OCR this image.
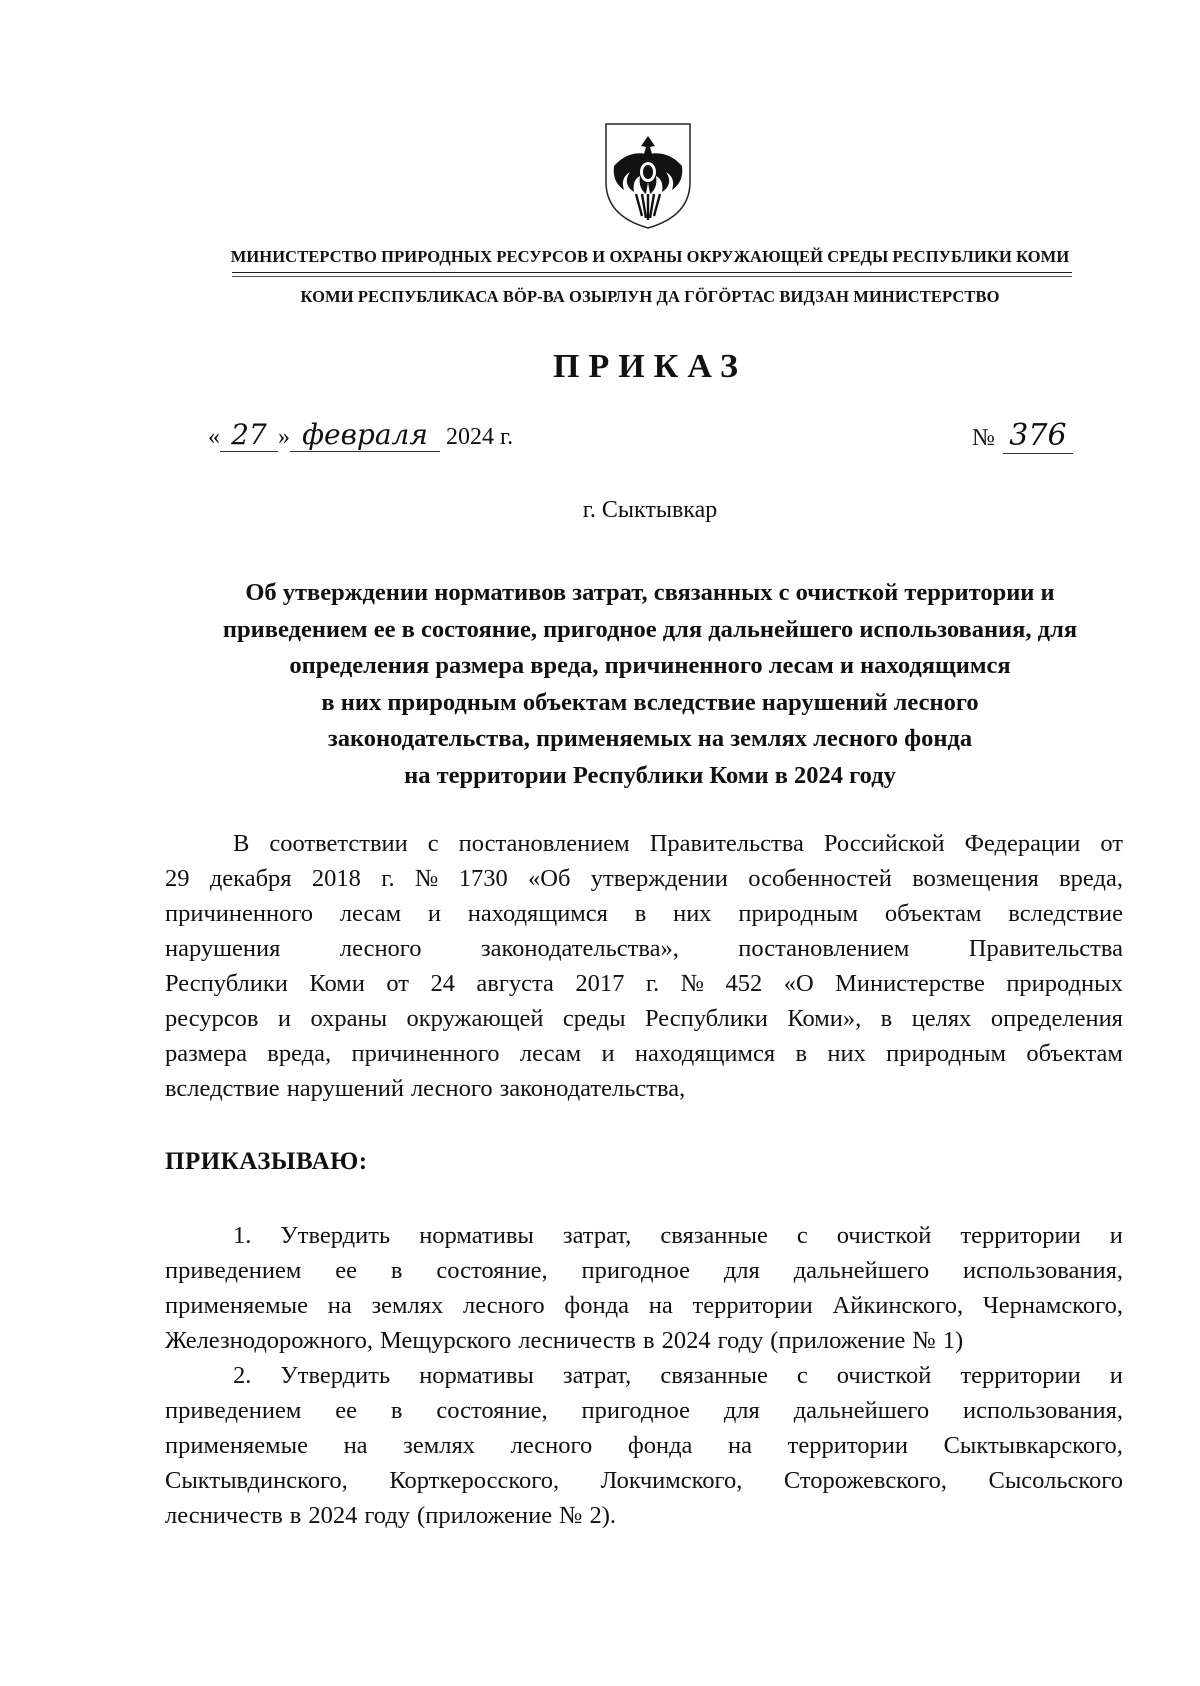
МИНИСТЕРСТВО ПРИРОДНЫХ РЕСУРСОВ И ОХРАНЫ ОКРУЖАЮЩЕЙ СРЕДЫ РЕСПУБЛИКИ КОМИ
КОМИ РЕСПУБЛИКАСА ВӦР-ВА ОЗЫРЛУН ДА ГӦГӦРТАС ВИДЗАН МИНИСТЕРСТВО
ПРИКАЗ
« 27 » февраля 2024 г.	№ 376
г. Сыктывкар
Об утверждении нормативов затрат, связанных с очисткой территории и
приведением ее в состояние, пригодное для дальнейшего использования, для
определения размера вреда, причиненного лесам и находящимся
в них природным объектам вследствие нарушений лесного
законодательства, применяемых на землях лесного фонда
на территории Республики Коми в 2024 году
В соответствии с постановлением Правительства Российской Федерации от
29 декабря 2018 г. № 1730 «Об утверждении особенностей возмещения вреда,
причиненного лесам и находящимся в них природным объектам вследствие
нарушения лесного законодательства», постановлением Правительства
Республики Коми от 24 августа 2017 г. № 452 «О Министерстве природных
ресурсов и охраны окружающей среды Республики Коми», в целях определения
размера вреда, причиненного лесам и находящимся в них природным объектам
вследствие нарушений лесного законодательства,
ПРИКАЗЫВАЮ:
1. Утвердить нормативы затрат, связанные с очисткой территории и
приведением ее в состояние, пригодное для дальнейшего использования,
применяемые на землях лесного фонда на территории Айкинского, Чернамского,
Железнодорожного, Мещурского лесничеств в 2024 году (приложение № 1)
2. Утвердить нормативы затрат, связанные с очисткой территории и
приведением ее в состояние, пригодное для дальнейшего использования,
применяемые на землях лесного фонда на территории Сыктывкарского,
Сыктывдинского, Корткеросского, Локчимского, Сторожевского, Сысольского
лесничеств в 2024 году (приложение № 2).
